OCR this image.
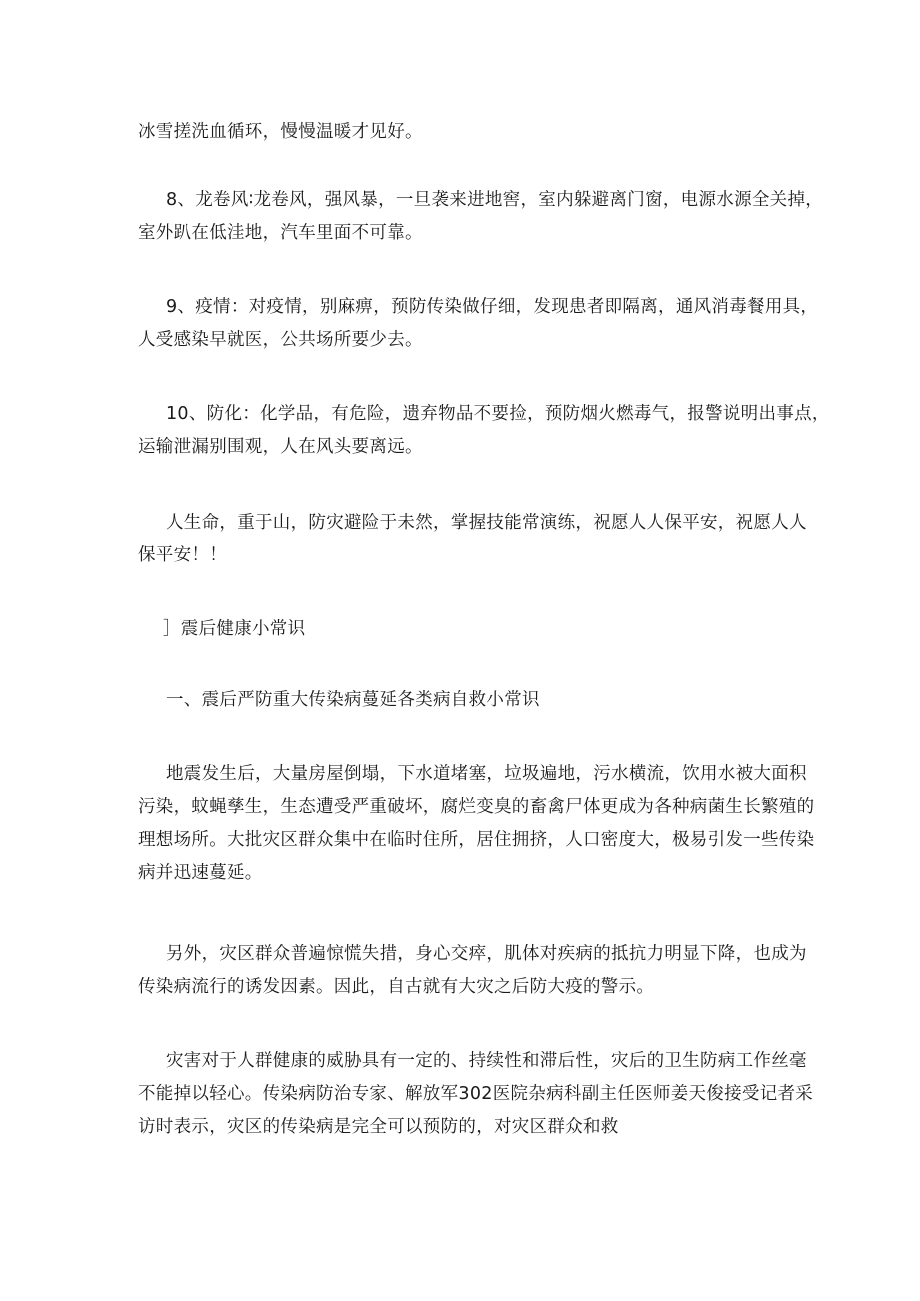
冰雪搓洗血循环，慢慢温暖才见好。

8、龙卷风∶龙卷风，强风暴，一旦袭来进地窖，室内躲避离门窗，电源水源全关掉，

室外趴在低洼地，汽车里面不可靠。

9、疫情：对疫情，别麻痹，预防传染做仔细，发现患者即隔离，通风消毒餐用具，

人受感染早就医，公共场所要少去。

10、防化：化学品，有危险，遗弃物品不要捡，预防烟火燃毒气，报警说明出事点，

运输泄漏别围观，人在风头要离远。

人生命，重于山，防灾避险于未然，掌握技能常演练，祝愿人人保平安，祝愿人人

保平安！！

］震后健康小常识

一、震后严防重大传染病蔓延各类病自救小常识

地震发生后，大量房屋倒塌，下水道堵塞，垃圾遍地，污水横流，饮用水被大面积

污染，蚊蝇孳生，生态遭受严重破坏，腐烂变臭的畜禽尸体更成为各种病菌生长繁殖的

理想场所。大批灾区群众集中在临时住所，居住拥挤，人口密度大，极易引发一些传染

病并迅速蔓延。

另外，灾区群众普遍惊慌失措，身心交瘁，肌体对疾病的抵抗力明显下降，也成为

传染病流行的诱发因素。因此，自古就有大灾之后防大疫的警示。

灾害对于人群健康的威胁具有一定的、持续性和滞后性，灾后的卫生防病工作丝毫

不能掉以轻心。传染病防治专家、解放军302医院杂病科副主任医师姜天俊接受记者采

访时表示，灾区的传染病是完全可以预防的，对灾区群众和救
